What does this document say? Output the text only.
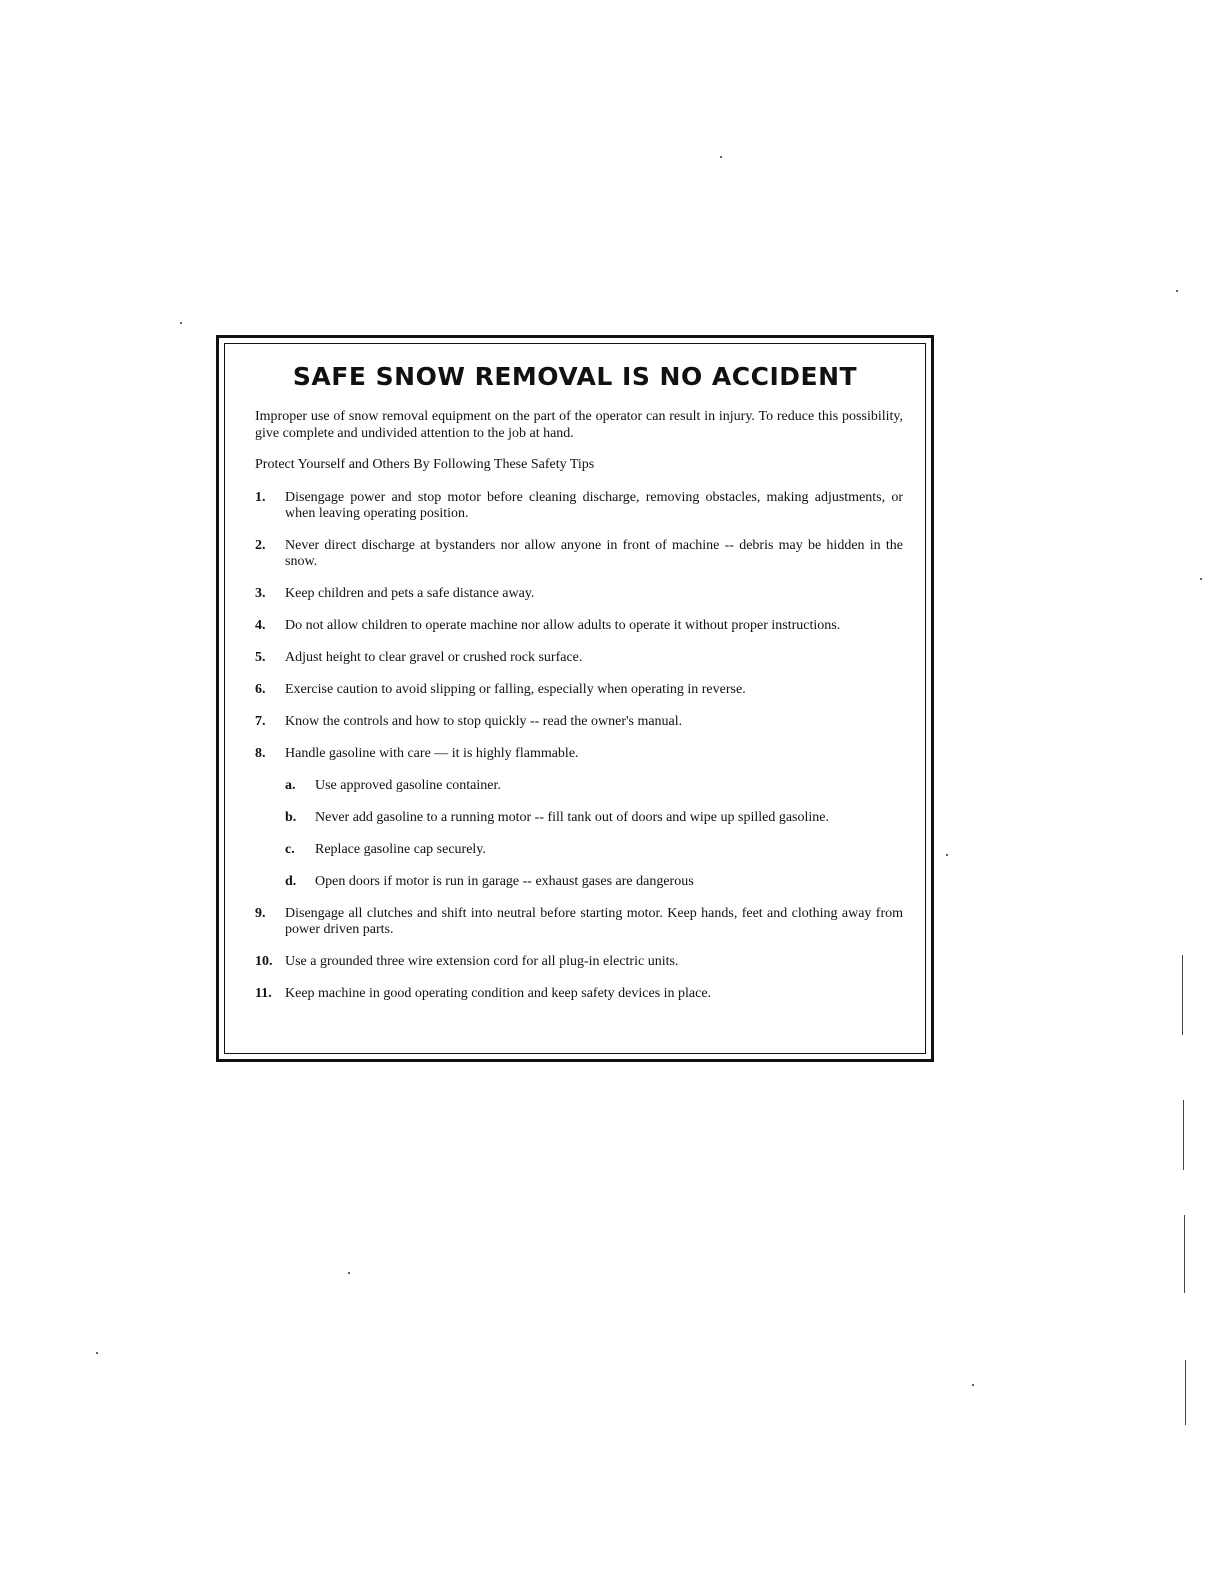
SAFE SNOW REMOVAL IS NO ACCIDENT
Improper use of snow removal equipment on the part of the operator can result in injury. To reduce this possibility, give complete and undivided attention to the job at hand.
Protect Yourself and Others By Following These Safety Tips
1. Disengage power and stop motor before cleaning discharge, removing obstacles, making adjustments, or when leaving operating position.
2. Never direct discharge at bystanders nor allow anyone in front of machine -- debris may be hidden in the snow.
3. Keep children and pets a safe distance away.
4. Do not allow children to operate machine nor allow adults to operate it without proper instructions.
5. Adjust height to clear gravel or crushed rock surface.
6. Exercise caution to avoid slipping or falling, especially when operating in reverse.
7. Know the controls and how to stop quickly -- read the owner's manual.
8. Handle gasoline with care — it is highly flammable.
a. Use approved gasoline container.
b. Never add gasoline to a running motor -- fill tank out of doors and wipe up spilled gasoline.
c. Replace gasoline cap securely.
d. Open doors if motor is run in garage -- exhaust gases are dangerous
9. Disengage all clutches and shift into neutral before starting motor. Keep hands, feet and clothing away from power driven parts.
10. Use a grounded three wire extension cord for all plug-in electric units.
11. Keep machine in good operating condition and keep safety devices in place.
